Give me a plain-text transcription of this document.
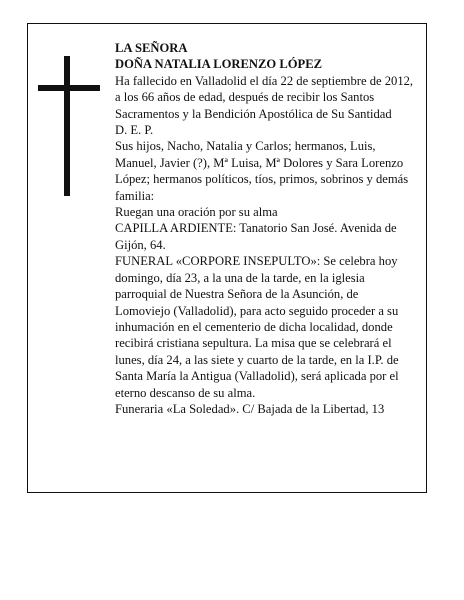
LA SEÑORA
DOÑA NATALIA LORENZO LÓPEZ
Ha fallecido en Valladolid el día 22 de septiembre de 2012, a los 66 años de edad, después de recibir los Santos Sacramentos y la Bendición Apostólica de Su Santidad
D. E. P.
Sus hijos, Nacho, Natalia y Carlos; hermanos, Luis, Manuel, Javier (?), Mª Luisa, Mª Dolores y Sara Lorenzo López; hermanos políticos, tíos, primos, sobrinos y demás familia:
Ruegan una oración por su alma
CAPILLA ARDIENTE: Tanatorio San José. Avenida de Gijón, 64.
FUNERAL «CORPORE INSEPULTO»: Se celebra hoy domingo, día 23, a la una de la tarde, en la iglesia parroquial de Nuestra Señora de la Asunción, de Lomoviejo (Valladolid), para acto seguido proceder a su inhumación en el cementerio de dicha localidad, donde recibirá cristiana sepultura. La misa que se celebrará el lunes, día 24, a las siete y cuarto de la tarde, en la I.P. de Santa María la Antigua (Valladolid), será aplicada por el eterno descanso de su alma.
Funeraria «La Soledad». C/ Bajada de la Libertad, 13
